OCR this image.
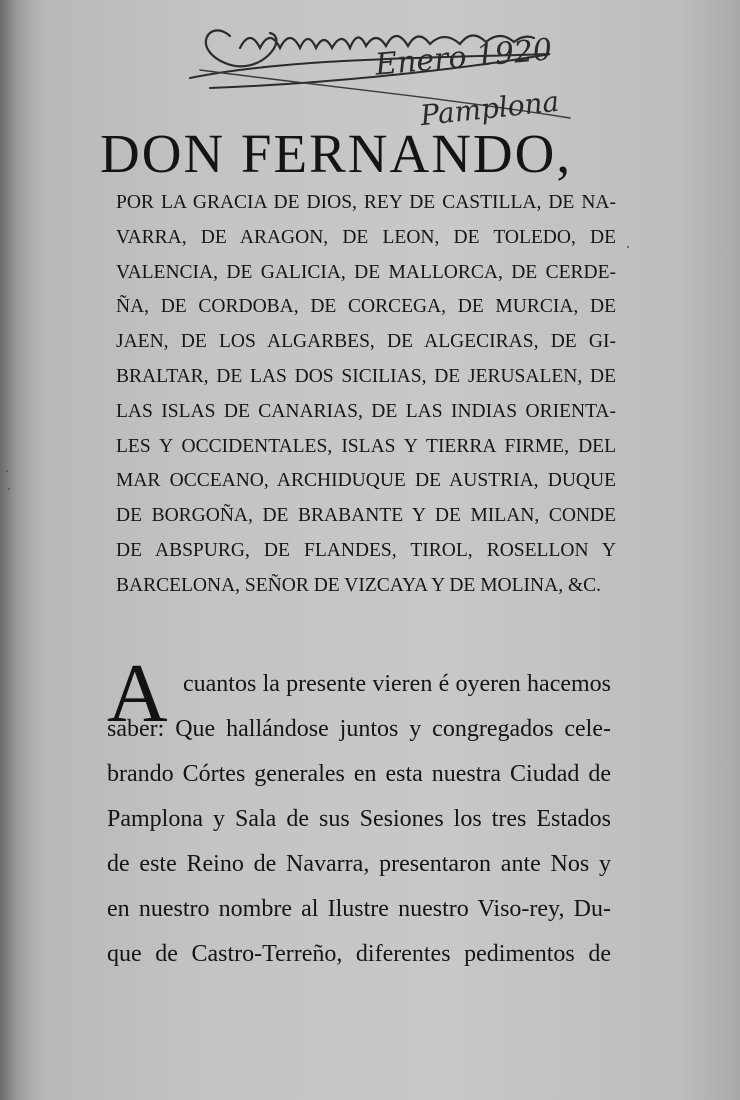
Enero 1920
Pamplona
DON FERNANDO,
POR LA GRACIA DE DIOS, REY DE CASTILLA, DE NA-
VARRA, DE ARAGON, DE LEON, DE TOLEDO, DE
VALENCIA, DE GALICIA, DE MALLORCA, DE CERDE-
ÑA, DE CORDOBA, DE CORCEGA, DE MURCIA, DE
JAEN, DE LOS ALGARBES, DE ALGECIRAS, DE GI-
BRALTAR, DE LAS DOS SICILIAS, DE JERUSALEN, DE
LAS ISLAS DE CANARIAS, DE LAS INDIAS ORIENTA-
LES Y OCCIDENTALES, ISLAS Y TIERRA FIRME, DEL
MAR OCCEANO, ARCHIDUQUE DE AUSTRIA, DUQUE
DE BORGOÑA, DE BRABANTE Y DE MILAN, CONDE
DE ABSPURG, DE FLANDES, TIROL, ROSELLON Y
BARCELONA, SEÑOR DE VIZCAYA Y DE MOLINA, &C.
A cuantos la presente vieren é oyeren hacemos
saber: Que hallándose juntos y congregados cele-
brando Córtes generales en esta nuestra Ciudad de
Pamplona y Sala de sus Sesiones los tres Estados
de este Reino de Navarra, presentaron ante Nos y
en nuestro nombre al Ilustre nuestro Viso-rey, Du-
que de Castro-Terreño, diferentes pedimentos de
